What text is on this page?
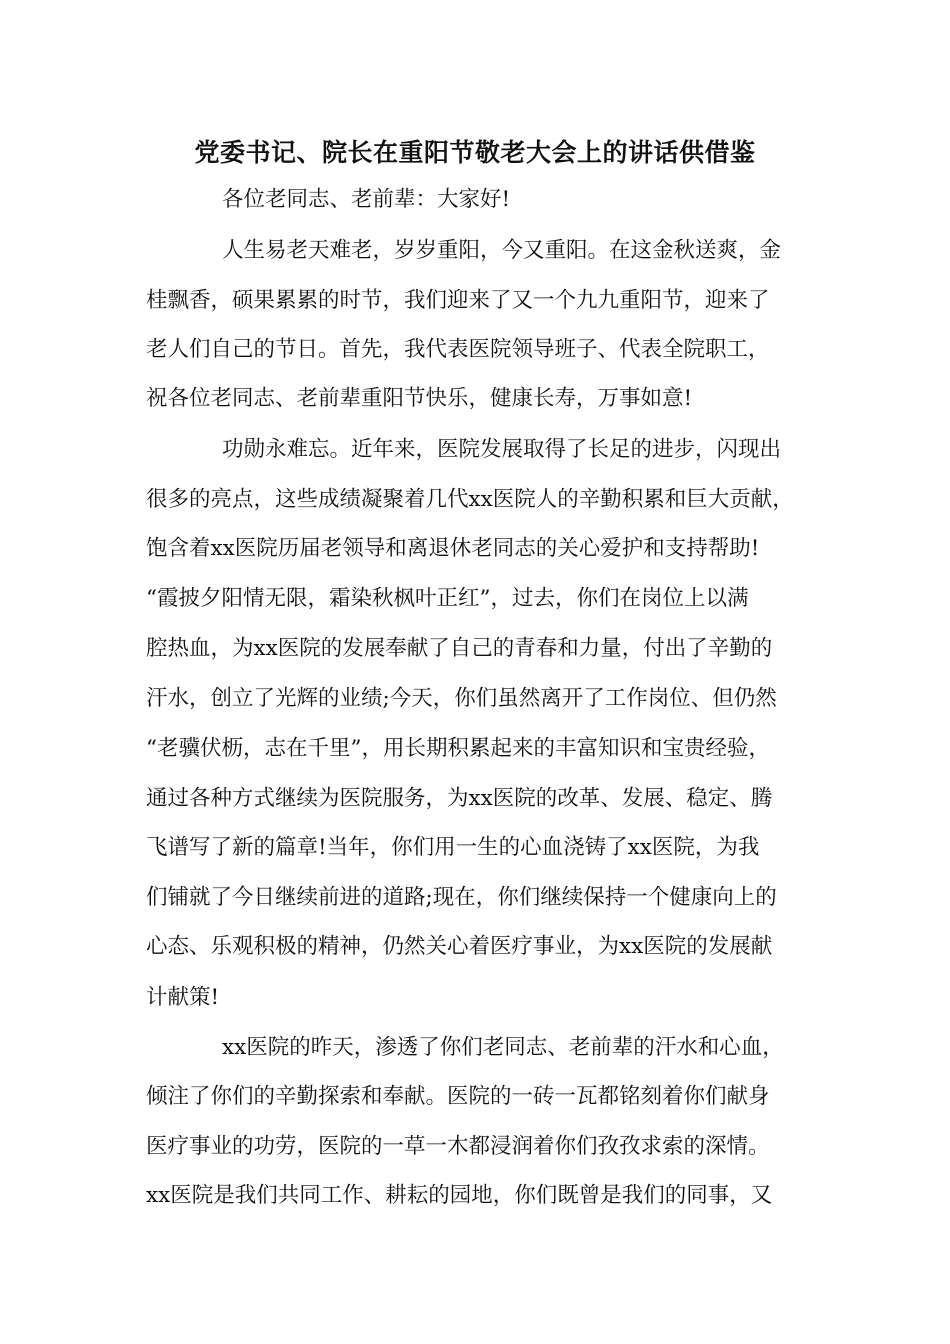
党委书记、院长在重阳节敬老大会上的讲话供借鉴
各位老同志、老前辈：大家好!
人生易老天难老，岁岁重阳，今又重阳。在这金秋送爽，金
桂飘香，硕果累累的时节，我们迎来了又一个九九重阳节，迎来了
老人们自己的节日。首先，我代表医院领导班子、代表全院职工，
祝各位老同志、老前辈重阳节快乐，健康长寿，万事如意!
功勋永难忘。近年来，医院发展取得了长足的进步，闪现出
很多的亮点，这些成绩凝聚着几代xx医院人的辛勤积累和巨大贡献，
饱含着xx医院历届老领导和离退休老同志的关心爱护和支持帮助!
“霞披夕阳情无限，霜染秋枫叶正红”，过去，你们在岗位上以满
腔热血，为xx医院的发展奉献了自己的青春和力量，付出了辛勤的
汗水，创立了光辉的业绩;今天，你们虽然离开了工作岗位、但仍然
“老骥伏枥，志在千里”，用长期积累起来的丰富知识和宝贵经验，
通过各种方式继续为医院服务，为xx医院的改革、发展、稳定、腾
飞谱写了新的篇章!当年，你们用一生的心血浇铸了xx医院，为我
们铺就了今日继续前进的道路;现在，你们继续保持一个健康向上的
心态、乐观积极的精神，仍然关心着医疗事业，为xx医院的发展献
计献策!
xx医院的昨天，渗透了你们老同志、老前辈的汗水和心血，
倾注了你们的辛勤探索和奉献。医院的一砖一瓦都铭刻着你们献身
医疗事业的功劳，医院的一草一木都浸润着你们孜孜求索的深情。
xx医院是我们共同工作、耕耘的园地，你们既曾是我们的同事，又
